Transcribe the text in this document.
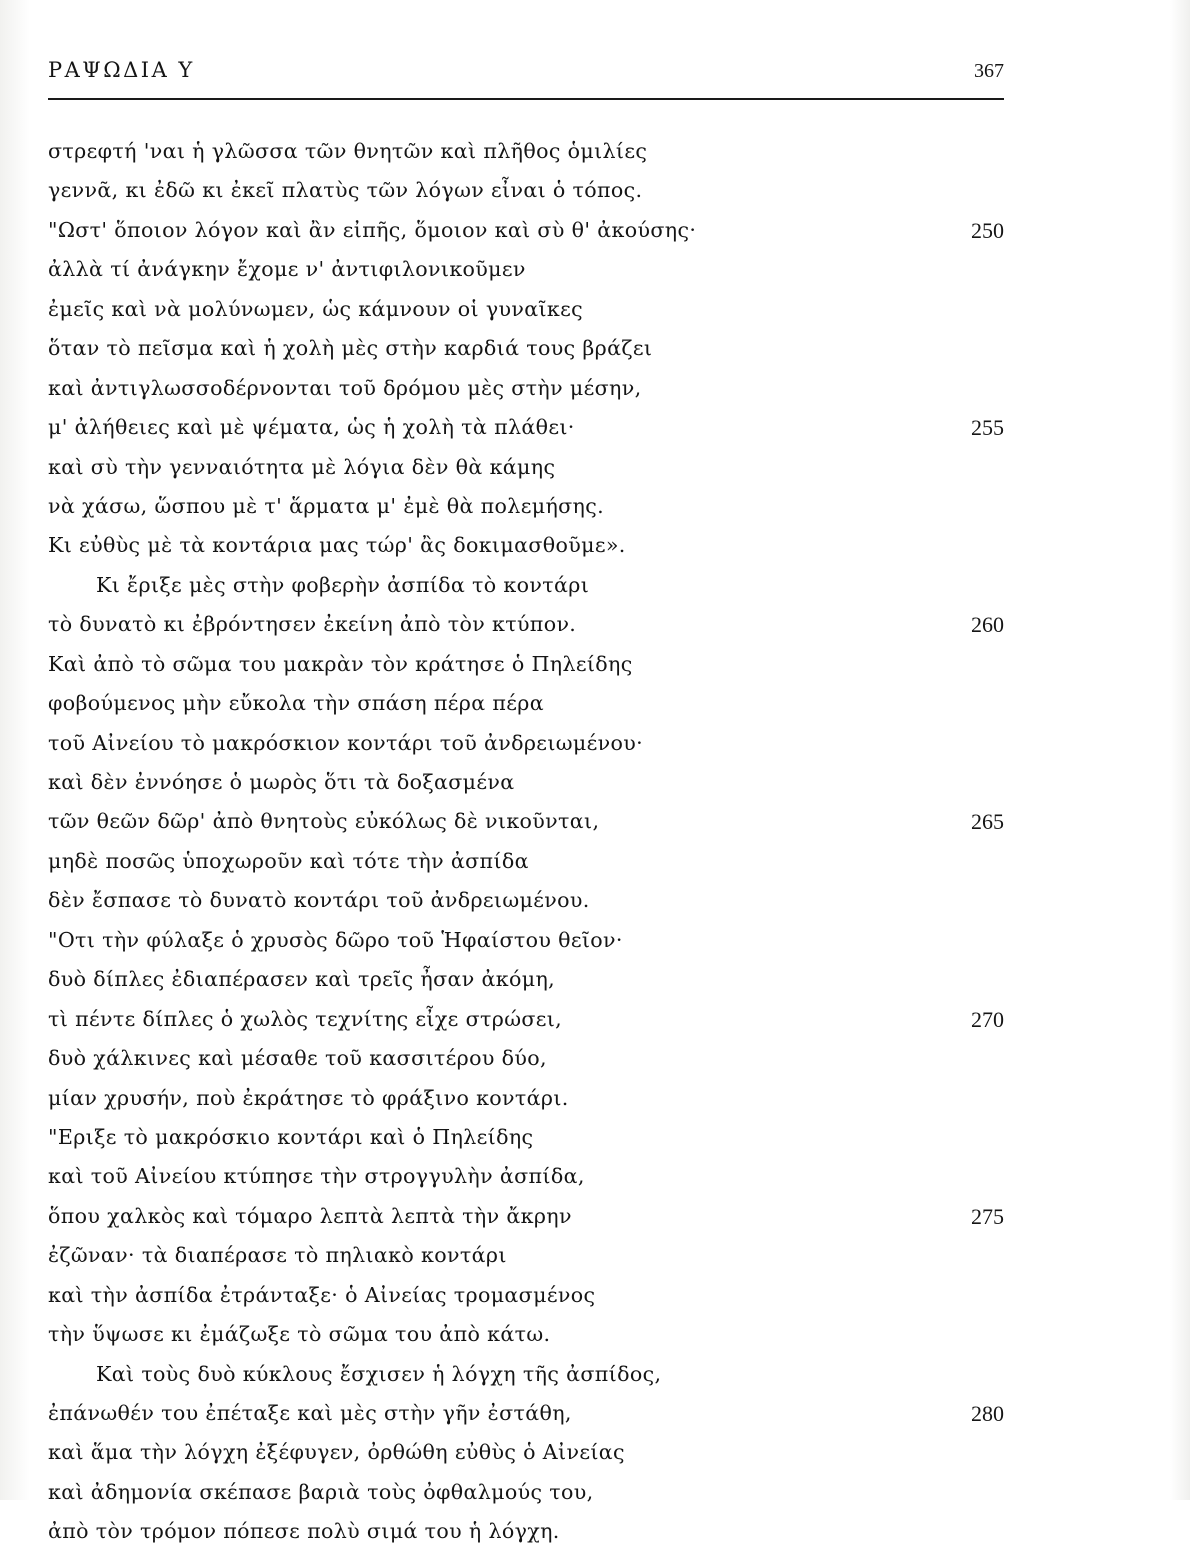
ΡΑΨΩΔΙΑ Υ	367
στρεφτή 'ναι ἡ γλῶσσα τῶν θνητῶν καὶ πλῆθος ὁμιλίες
γεννᾶ, κι ἐδῶ κι ἐκεῖ πλατὺς τῶν λόγων εἶναι ὁ τόπος.
"Ωστ' ὅποιον λόγον καὶ ἂν εἰπῆς, ὅμοιον καὶ σὺ θ' ἀκούσης·	250
ἀλλὰ τί ἀνάγκην ἔχομε ν' ἀντιφιλονικοῦμεν
ἐμεῖς καὶ νὰ μολύνωμεν, ὡς κάμνουν οἱ γυναῖκες
ὅταν τὸ πεῖσμα καὶ ἡ χολὴ μὲς στὴν καρδιά τους βράζει
καὶ ἀντιγλωσσοδέρνονται τοῦ δρόμου μὲς στὴν μέσην,
μ' ἀλήθειες καὶ μὲ ψέματα, ὡς ἡ χολὴ τὰ πλάθει·	255
καὶ σὺ τὴν γενναιότητα μὲ λόγια δὲν θὰ κάμης
νὰ χάσω, ὥσπου μὲ τ' ἅρματα μ' ἐμὲ θὰ πολεμήσης.
Κι εὐθὺς μὲ τὰ κοντάρια μας τώρ' ἂς δοκιμασθοῦμε».
Κι ἔριξε μὲς στὴν φοβερὴν ἀσπίδα τὸ κοντάρι
τὸ δυνατὸ κι ἐβρόντησεν ἐκείνη ἀπὸ τὸν κτύπον.	260
Καὶ ἀπὸ τὸ σῶμα του μακρὰν τὸν κράτησε ὁ Πηλείδης
φοβούμενος μὴν εὔκολα τὴν σπάση πέρα πέρα
τοῦ Αἰνείου τὸ μακρόσκιον κοντάρι τοῦ ἀνδρειωμένου·
καὶ δὲν ἐννόησε ὁ μωρὸς ὅτι τὰ δοξασμένα
τῶν θεῶν δῶρ' ἀπὸ θνητοὺς εὐκόλως δὲ νικοῦνται,	265
μηδὲ ποσῶς ὑποχωροῦν καὶ τότε τὴν ἀσπίδα
δὲν ἔσπασε τὸ δυνατὸ κοντάρι τοῦ ἀνδρειωμένου.
"Οτι τὴν φύλαξε ὁ χρυσὸς δῶρο τοῦ Ἡφαίστου θεῖον·
δυὸ δίπλες ἐδιαπέρασεν καὶ τρεῖς ἦσαν ἀκόμη,
τὶ πέντε δίπλες ὁ χωλὸς τεχνίτης εἶχε στρώσει,	270
δυὸ χάλκινες καὶ μέσαθε τοῦ κασσιτέρου δύο,
μίαν χρυσήν, ποὺ ἐκράτησε τὸ φράξινο κοντάρι.
"Εριξε τὸ μακρόσκιο κοντάρι καὶ ὁ Πηλείδης
καὶ τοῦ Αἰνείου κτύπησε τὴν στρογγυλὴν ἀσπίδα,
ὅπου χαλκὸς καὶ τόμαρο λεπτὰ λεπτὰ τὴν ἄκρην	275
ἐζῶναν· τὰ διαπέρασε τὸ πηλιακὸ κοντάρι
καὶ τὴν ἀσπίδα ἐτράνταξε· ὁ Αἰνείας τρομασμένος
τὴν ὕψωσε κι ἐμάζωξε τὸ σῶμα του ἀπὸ κάτω.
Καὶ τοὺς δυὸ κύκλους ἔσχισεν ἡ λόγχη τῆς ἀσπίδος,
ἐπάνωθέν του ἐπέταξε καὶ μὲς στὴν γῆν ἐστάθη,	280
καὶ ἅμα τὴν λόγχη ἐξέφυγεν, ὀρθώθη εὐθὺς ὁ Αἰνείας
καὶ ἀδημονία σκέπασε βαριὰ τοὺς ὀφθαλμούς του,
ἀπὸ τὸν τρόμον πόπεσε πολὺ σιμά του ἡ λόγχη.
